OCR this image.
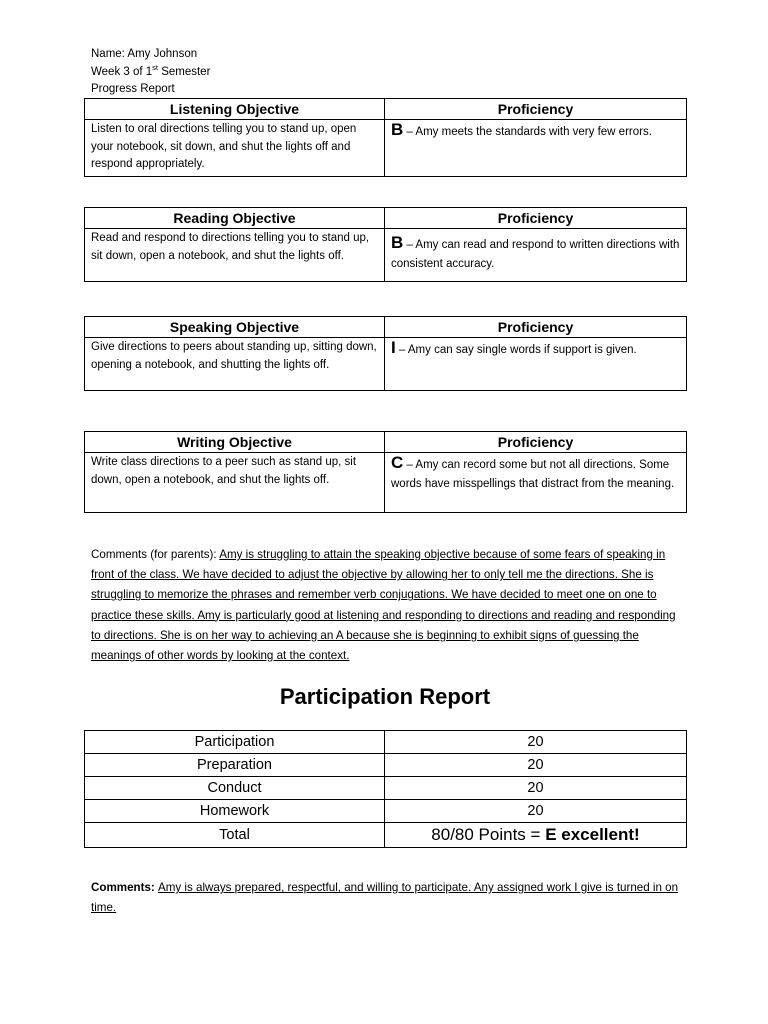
Name: Amy Johnson
Week 3 of 1st Semester
Progress Report
Listening Objective	Proficiency
Listen to oral directions telling you to stand up, open your notebook, sit down, and shut the lights off and respond appropriately.	B – Amy meets the standards with very few errors.
Reading Objective	Proficiency
Read and respond to directions telling you to stand up, sit down, open a notebook, and shut the lights off.	B – Amy can read and respond to written directions with consistent accuracy.
Speaking Objective	Proficiency
Give directions to peers about standing up, sitting down, opening a notebook, and shutting the lights off.	I – Amy can say single words if support is given.
Writing Objective	Proficiency
Write class directions to a peer such as stand up, sit down, open a notebook, and shut the lights off.	C – Amy can record some but not all directions. Some words have misspellings that distract from the meaning.
Comments (for parents): Amy is struggling to attain the speaking objective because of some fears of speaking in front of the class. We have decided to adjust the objective by allowing her to only tell me the directions. She is struggling to memorize the phrases and remember verb conjugations. We have decided to meet one on one to practice these skills. Amy is particularly good at listening and responding to directions and reading and responding to directions. She is on her way to achieving an A because she is beginning to exhibit signs of guessing the meanings of other words by looking at the context.
Participation Report
Participation	20
Preparation	20
Conduct	20
Homework	20
Total	80/80 Points = E excellent!
Comments: Amy is always prepared, respectful, and willing to participate. Any assigned work I give is turned in on time.
